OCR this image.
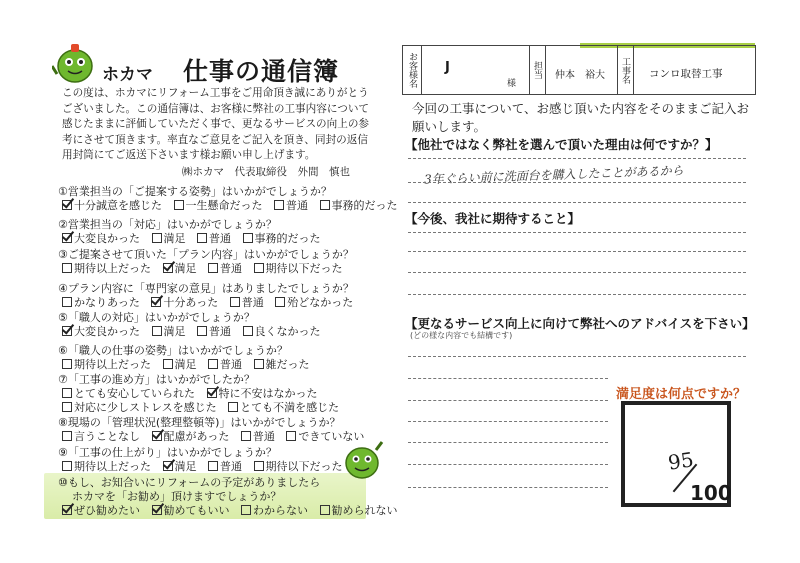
ホカマ 仕事の通信簿
この度は、ホカマにリフォーム工事をご用命頂き誠にありがとうございました。この通信簿は、お客様に弊社の工事内容について感じたままに評価していただく事で、更なるサービスの向上の参考にさせて頂きます。率直なご意見をご記入を頂き、同封の返信用封筒にてご返送下さいます様お願い申し上げます。
㈱ホカマ　代表取締役　外間　慎也
①営業担当の「ご提案する姿勢」はいかがでしょうか？
十分誠意を感じた 一生懸命だった 普通 事務的だった
②営業担当の「対応」はいかがでしょうか？
大変良かった 満足 普通 事務的だった
③ご提案させて頂いた「プラン内容」はいかがでしょうか？
期待以上だった 満足 普通 期待以下だった
④プラン内容に「専門家の意見」はありましたでしょうか？
かなりあった 十分あった 普通 殆どなかった
⑤「職人の対応」はいかがでしょうか？
大変良かった 満足 普通 良くなかった
⑥「職人の仕事の姿勢」はいかがでしょうか？
期待以上だった 満足 普通 雑だった
⑦「工事の進め方」はいかがでしたか？
とても安心していられた 特に不安はなかった
対応に少しストレスを感じた とても不満を感じた
⑧現場の「管理状況(整理整頓等)」はいかがでしょうか？
言うことなし 配慮があった 普通 できていない
⑨「工事の仕上がり」はいかがでしょうか？
期待以上だった 満足 普通 期待以下だった
⑩もし、お知合いにリフォームの予定がありましたら
ホカマを「お勧め」頂けますでしょうか？
ぜひ勧めたい 勧めてもいい わからない 勧められない
お客様名	J
様
担当	仲本　裕大	工事名	コンロ取替工事
今回の工事について、お感じ頂いた内容をそのままご記入お願いします。
【他社ではなく弊社を選んで頂いた理由は何ですか？】
3年ぐらい前に洗面台を購入したことがあるから
【今後、我社に期待すること】
【更なるサービス向上に向けて弊社へのアドバイスを下さい】
(どの様な内容でも結構です)
満足度は何点ですか？
95
100
